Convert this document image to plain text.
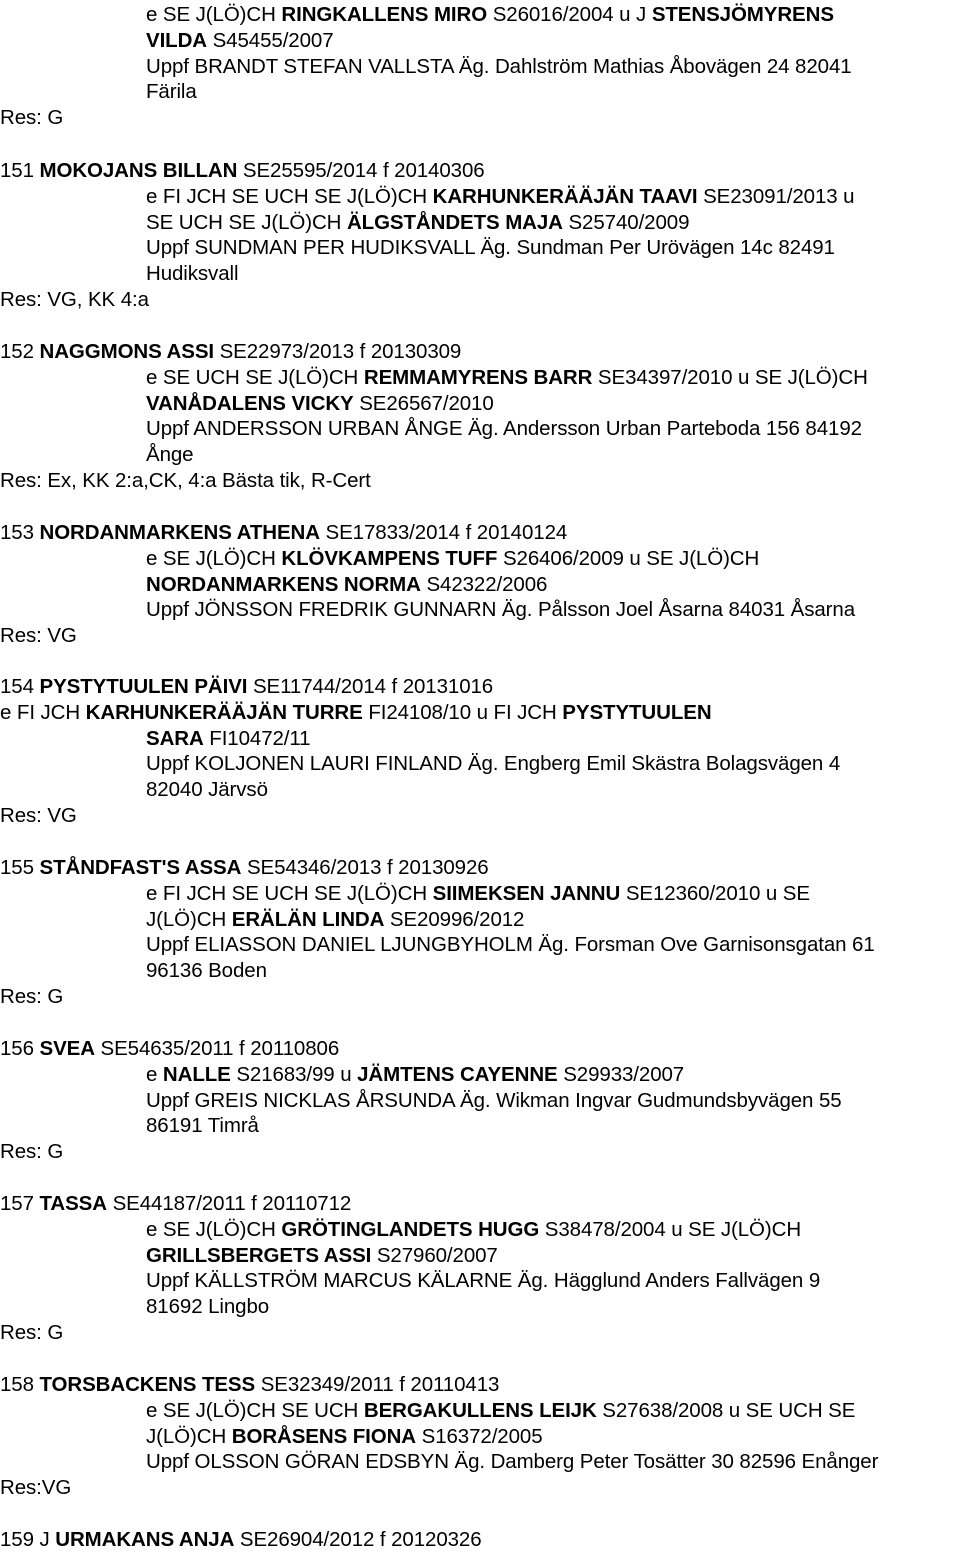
e SE J(LÖ)CH RINGKALLENS MIRO S26016/2004 u J STENSJÖMYRENS
VILDA S45455/2007
Uppf BRANDT STEFAN VALLSTA Äg. Dahlström Mathias Åbovägen 24 82041
Färila
Res: G
151 MOKOJANS BILLAN SE25595/2014 f 20140306
e FI JCH SE UCH SE J(LÖ)CH KARHUNKERÄÄJÄN TAAVI SE23091/2013 u
SE UCH SE J(LÖ)CH ÄLGSTÅNDETS MAJA S25740/2009
Uppf SUNDMAN PER HUDIKSVALL Äg. Sundman Per Urövägen 14c 82491
Hudiksvall
Res: VG, KK 4:a
152 NAGGMONS ASSI SE22973/2013 f 20130309
e SE UCH SE J(LÖ)CH REMMAMYRENS BARR SE34397/2010 u SE J(LÖ)CH
VANÅDALENS VICKY SE26567/2010
Uppf ANDERSSON URBAN ÅNGE Äg. Andersson Urban Parteboda 156 84192
Ånge
Res: Ex, KK 2:a,CK, 4:a Bästa tik, R-Cert
153 NORDANMARKENS ATHENA SE17833/2014 f 20140124
e SE J(LÖ)CH KLÖVKAMPENS TUFF S26406/2009 u SE J(LÖ)CH
NORDANMARKENS NORMA S42322/2006
Uppf JÖNSSON FREDRIK GUNNARN Äg. Pålsson Joel Åsarna 84031 Åsarna
Res: VG
154 PYSTYTUULEN PÄIVI SE11744/2014 f 20131016
e FI JCH KARHUNKERÄÄJÄN TURRE FI24108/10 u FI JCH PYSTYTUULEN
SARA FI10472/11
Uppf KOLJONEN LAURI FINLAND Äg. Engberg Emil Skästra Bolagsvägen 4
82040 Järvsö
Res: VG
155 STÅNDFAST'S ASSA SE54346/2013 f 20130926
e FI JCH SE UCH SE J(LÖ)CH SIIMEKSEN JANNU SE12360/2010 u SE
J(LÖ)CH ERÄLÄN LINDA SE20996/2012
Uppf ELIASSON DANIEL LJUNGBYHOLM Äg. Forsman Ove Garnisonsgatan 61
96136 Boden
Res: G
156 SVEA SE54635/2011 f 20110806
e NALLE S21683/99 u JÄMTENS CAYENNE S29933/2007
Uppf GREIS NICKLAS ÅRSUNDA Äg. Wikman Ingvar Gudmundsbyvägen 55
86191 Timrå
Res: G
157 TASSA SE44187/2011 f 20110712
e SE J(LÖ)CH GRÖTINGLANDETS HUGG S38478/2004 u SE J(LÖ)CH
GRILLSBERGETS ASSI S27960/2007
Uppf KÄLLSTRÖM MARCUS KÄLARNE Äg. Hägglund Anders Fallvägen 9
81692 Lingbo
Res: G
158 TORSBACKENS TESS SE32349/2011 f 20110413
e SE J(LÖ)CH SE UCH BERGAKULLENS LEIJK S27638/2008 u SE UCH SE
J(LÖ)CH BORÅSENS FIONA S16372/2005
Uppf OLSSON GÖRAN EDSBYN Äg. Damberg Peter Tosätter 30 82596 Enånger
Res:VG
159 J URMAKANS ANJA SE26904/2012 f 20120326
